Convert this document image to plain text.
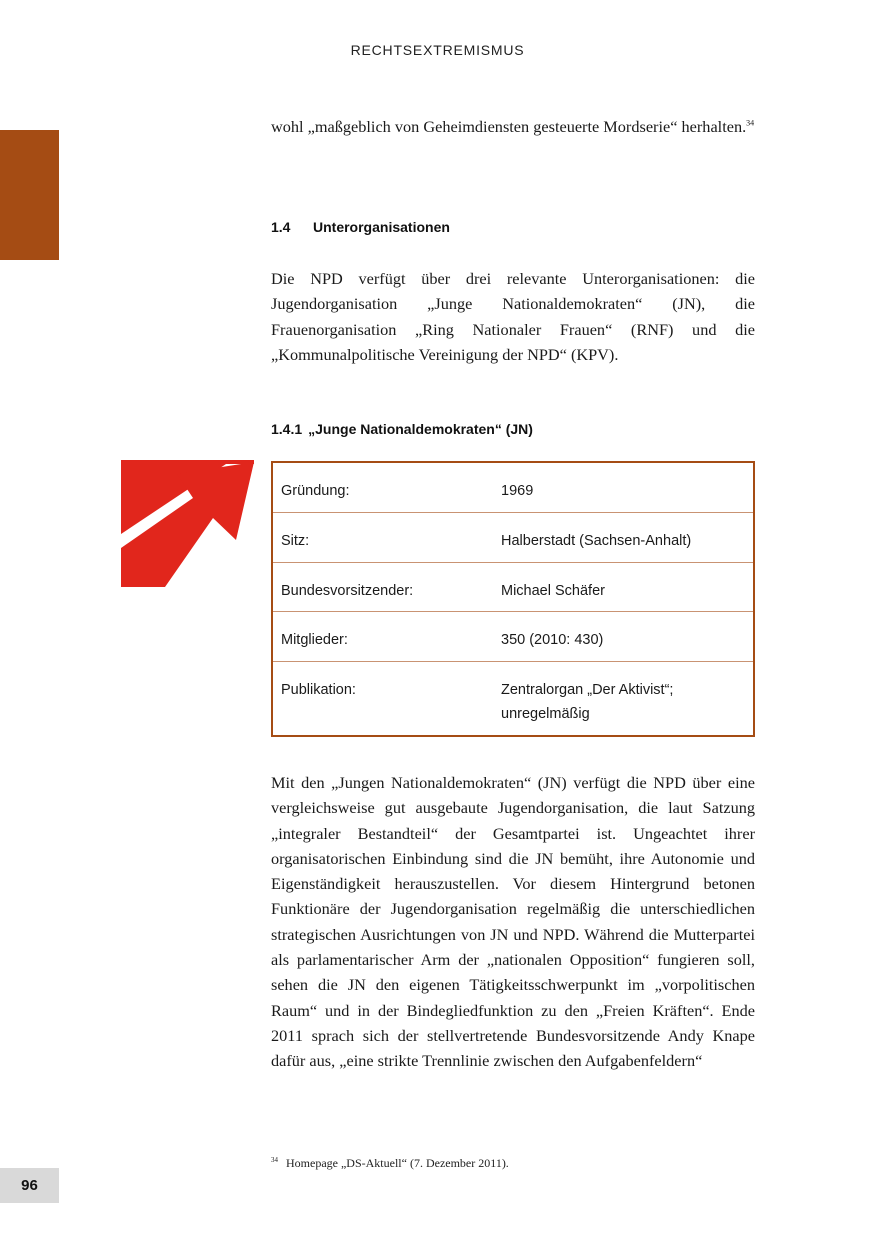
RECHTSEXTREMISMUS

wohl „maßgeblich von Geheimdiensten gesteuerte Mordserie“ herhalten.$^{34}$

1.4 Unterorganisationen

Die NPD verfügt über drei relevante Unterorganisationen: die Jugendorganisation „Junge Nationaldemokraten“ (JN), die Frauenorganisation „Ring Nationaler Frauen“ (RNF) und die „Kommunalpolitische Vereinigung der NPD“ (KPV).

1.4.1 „Junge Nationaldemokraten“ (JN)
JN
Gründung:	1969
Sitz:	Halberstadt (Sachsen-Anhalt)
Bundesvorsitzender:	Michael Schäfer
Mitglieder:	350 (2010: 430)
Publikation:	Zentralorgan „Der Aktivist“;
unregelmäßig

Mit den „Jungen Nationaldemokraten“ (JN) verfügt die NPD über eine vergleichsweise gut ausgebaute Jugendorganisation, die laut Satzung „integraler Bestandteil“ der Gesamtpartei ist. Ungeachtet ihrer organisatorischen Einbindung sind die JN bemüht, ihre Autonomie und Eigenständigkeit herauszustellen. Vor diesem Hintergrund betonen Funktionäre der Jugendorganisation regelmäßig die unterschiedlichen strategischen Ausrichtungen von JN und NPD. Während die Mutterpartei als parlamentarischer Arm der „nationalen Opposition“ fungieren soll, sehen die JN den eigenen Tätigkeitsschwerpunkt im „vorpolitischen Raum“ und in der Bindegliedfunktion zu den „Freien Kräften“. Ende 2011 sprach sich der stellvertretende Bundesvorsitzende Andy Knape dafür aus, „eine strikte Trennlinie zwischen den Aufgabenfeldern“

$^{34}$ Homepage „DS-Aktuell“ (7. Dezember 2011).
96
